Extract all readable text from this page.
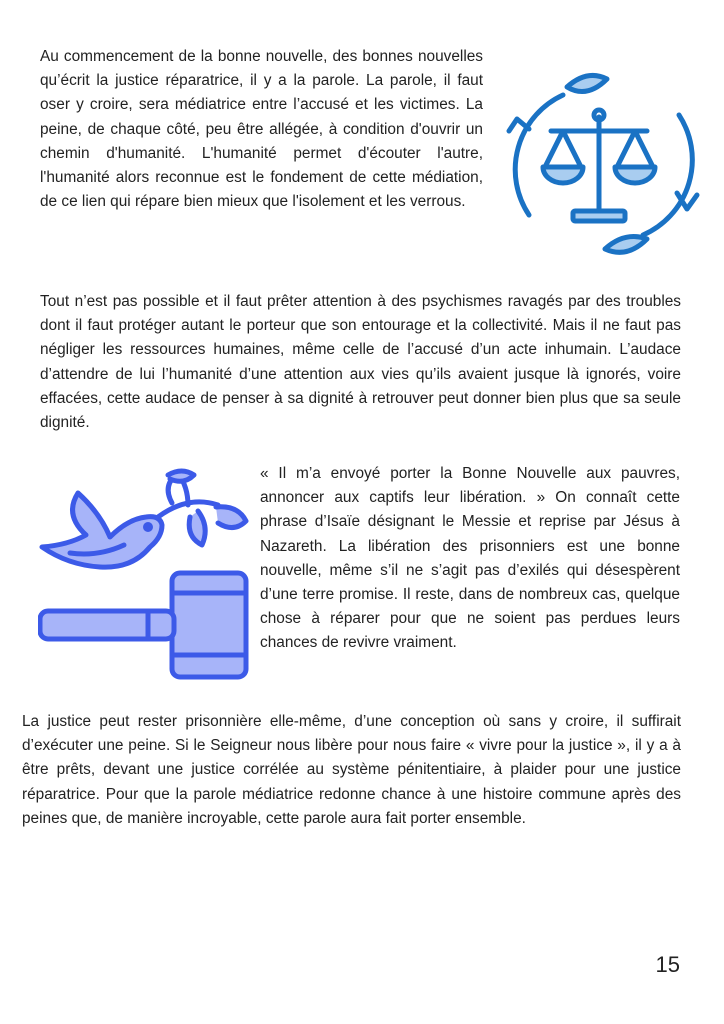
Au commencement de la bonne nouvelle, des bonnes nouvelles qu’écrit la justice réparatrice, il y a la parole. La parole, il faut oser y croire, sera médiatrice entre l’accusé et les victimes. La peine, de chaque côté, peu être allégée, à condition d'ouvrir un chemin d'humanité. L'humanité permet d'écouter l'autre, l'humanité alors reconnue est le fondement de cette médiation, de ce lien qui répare bien mieux que l'isolement et les verrous.

Tout n’est pas possible et il faut prêter attention à des psychismes ravagés par des troubles dont il faut protéger autant le porteur que son entourage et la collectivité. Mais il ne faut pas négliger les ressources humaines, même celle de l’accusé d’un acte inhumain. L’audace d’attendre de lui l’humanité d’une attention aux vies qu’ils avaient jusque là ignorés, voire effacées, cette audace de penser à sa dignité à retrouver peut donner bien plus que sa seule dignité.

« Il m’a envoyé porter la Bonne Nouvelle aux pauvres, annoncer aux captifs leur libération. » On connaît cette phrase d’Isaïe désignant le Messie et reprise par Jésus à Nazareth. La libération des prisonniers est une bonne nouvelle, même s’il ne s’agit pas d’exilés qui désespèrent d’une terre promise. Il reste, dans de nombreux cas, quelque chose à réparer pour que ne soient pas perdues leurs chances de revivre vraiment.

La justice peut rester prisonnière elle-même, d’une conception où sans y croire, il suffirait d’exécuter une peine. Si le Seigneur nous libère pour nous faire « vivre pour la justice », il y a à être prêts, devant une justice corrélée au système pénitentiaire, à plaider pour une justice réparatrice. Pour que la parole médiatrice redonne chance à une histoire commune après des peines que, de manière incroyable, cette parole aura fait porter ensemble.

15
